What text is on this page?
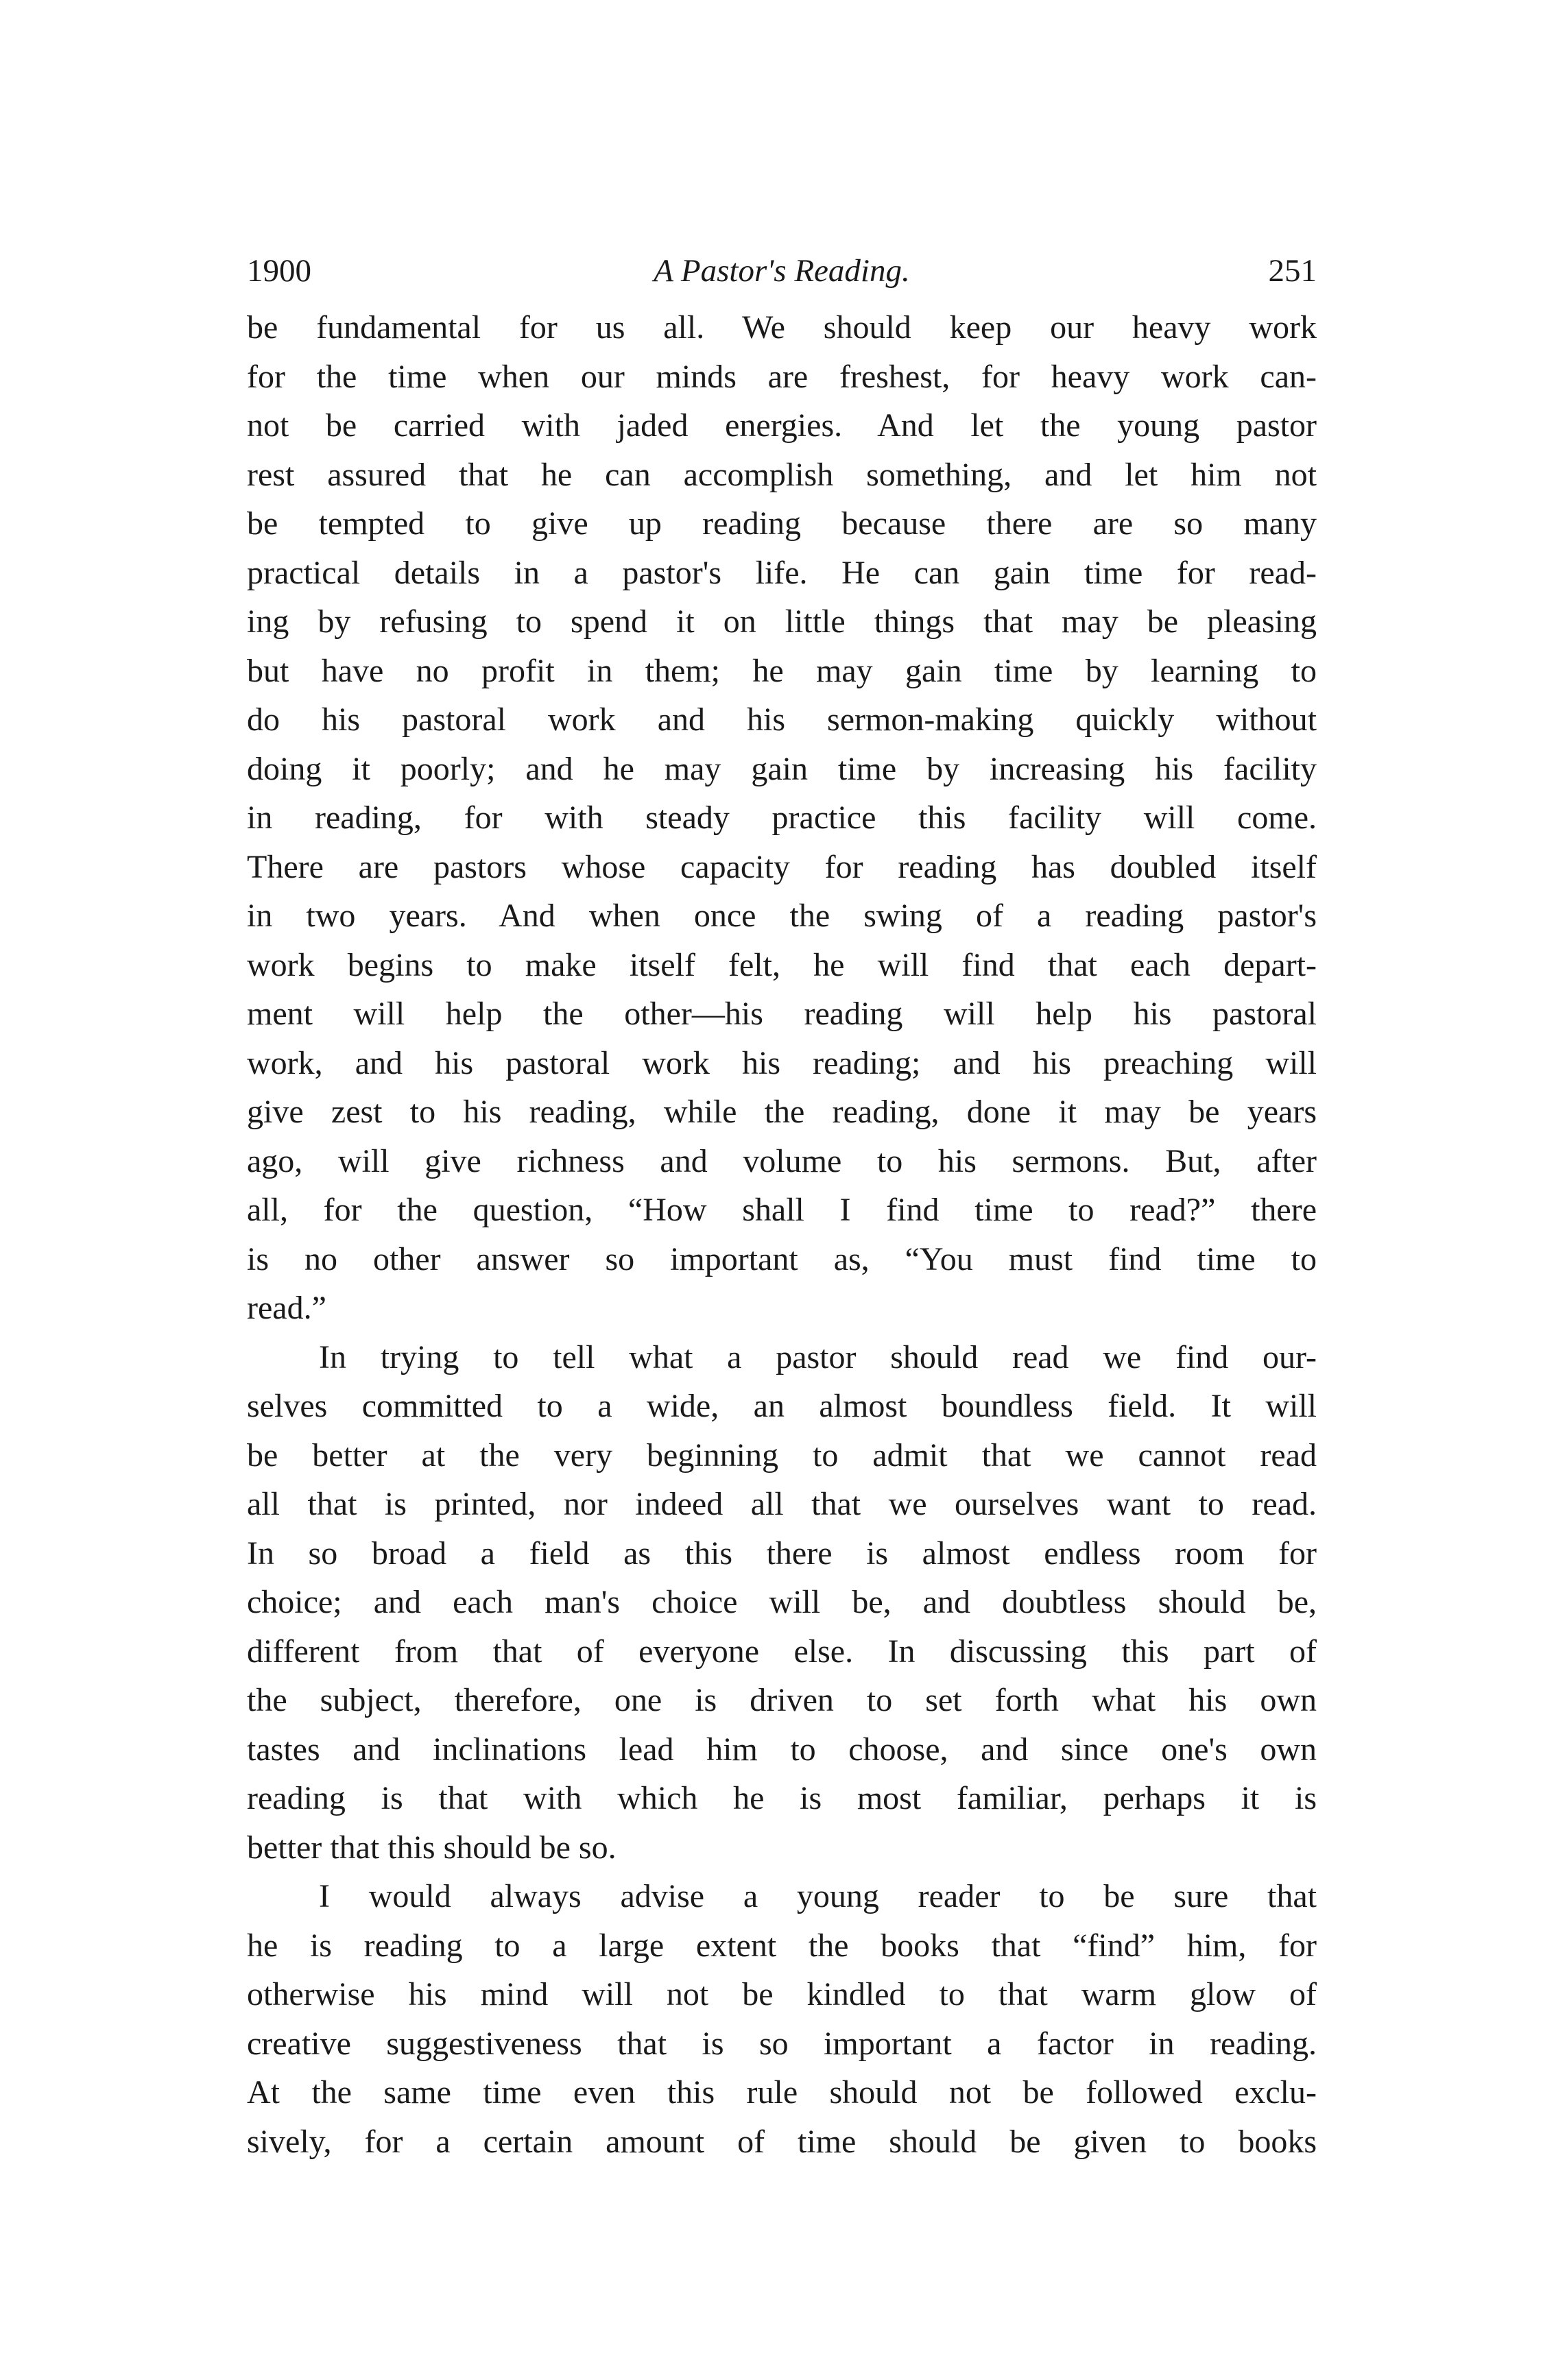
1900	A Pastor's Reading.	251
be fundamental for us all. We should keep our heavy work
for the time when our minds are freshest, for heavy work can-
not be carried with jaded energies. And let the young pastor
rest assured that he can accomplish something, and let him not
be tempted to give up reading because there are so many
practical details in a pastor's life. He can gain time for read-
ing by refusing to spend it on little things that may be pleasing
but have no profit in them; he may gain time by learning to
do his pastoral work and his sermon-making quickly without
doing it poorly; and he may gain time by increasing his facility
in reading, for with steady practice this facility will come.
There are pastors whose capacity for reading has doubled itself
in two years. And when once the swing of a reading pastor's
work begins to make itself felt, he will find that each depart-
ment will help the other—his reading will help his pastoral
work, and his pastoral work his reading; and his preaching will
give zest to his reading, while the reading, done it may be years
ago, will give richness and volume to his sermons. But, after
all, for the question, “How shall I find time to read?” there
is no other answer so important as, “You must find time to
read.”
In trying to tell what a pastor should read we find our-
selves committed to a wide, an almost boundless field. It will
be better at the very beginning to admit that we cannot read
all that is printed, nor indeed all that we ourselves want to read.
In so broad a field as this there is almost endless room for
choice; and each man's choice will be, and doubtless should be,
different from that of everyone else. In discussing this part of
the subject, therefore, one is driven to set forth what his own
tastes and inclinations lead him to choose, and since one's own
reading is that with which he is most familiar, perhaps it is
better that this should be so.
I would always advise a young reader to be sure that
he is reading to a large extent the books that “find” him, for
otherwise his mind will not be kindled to that warm glow of
creative suggestiveness that is so important a factor in reading.
At the same time even this rule should not be followed exclu-
sively, for a certain amount of time should be given to books
